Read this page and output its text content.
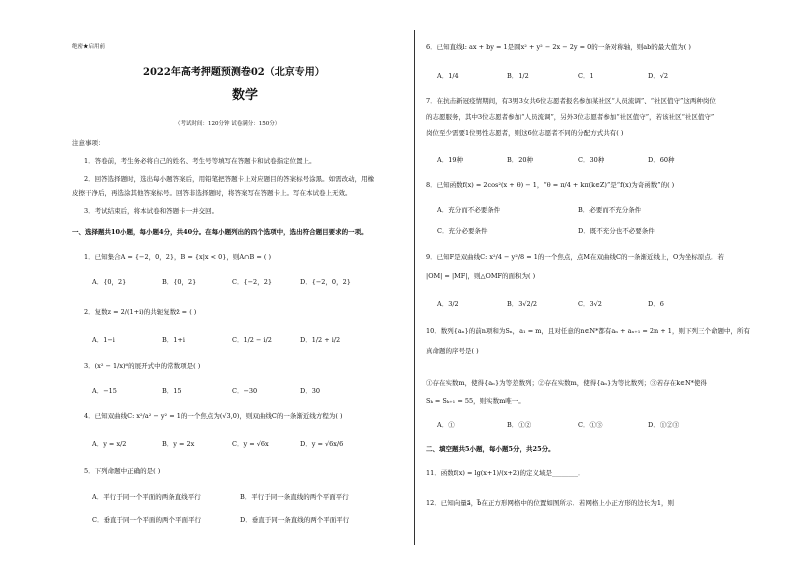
绝密★启用前
2022年高考押题预测卷02（北京专用）
数学
（考试时间：120分钟 试卷满分：150分）
注意事项：
1．答卷前，考生务必将自己的姓名、考生号等填写在答题卡和试卷指定位置上。
2．回答选择题时，选出每小题答案后，用铅笔把答题卡上对应题目的答案标号涂黑。如需改动，用橡
皮擦干净后，再选涂其他答案标号。回答非选择题时，将答案写在答题卡上。写在本试卷上无效。
3．考试结束后，将本试卷和答题卡一并交回。
一、选择题共10小题，每小题4分，共40分。在每小题列出的四个选项中，选出符合题目要求的一项。
1．已知集合A = {−2，0，2}，B = {x|x < 0}，则A∩B = ( )
A．{0，2}	B．{0，2}	C．{−2，2}	D．{−2，0，2}
2．复数z = 2/(1+i)的共轭复数z̄ = ( )
A．1−i	B．1+i	C．1/2 − i/2	D．1/2 + i/2
3．(x² − 1/x)⁶的展开式中的常数项是( )
A．−15	B．15	C．−30	D．30
4．已知双曲线C: x²/a² − y² = 1的一个焦点为(√3,0)，则双曲线C的一条渐近线方程为( )
A．y = x/2	B．y = 2x	C．y = √6x	D．y = √6x/6
5．下列命题中正确的是( )
A．平行于同一个平面的两条直线平行	B．平行于同一条直线的两个平面平行
C．垂直于同一个平面的两个平面平行	D．垂直于同一条直线的两个平面平行
6．已知直线l: ax + by = 1是圆x² + y² − 2x − 2y = 0的一条对称轴，则ab的最大值为( )
A．1/4	B．1/2	C．1	D．√2
7．在抗击新冠疫情期间，有3男3女共6位志愿者报名参加某社区“人员流调”、“社区值守”这两种岗位
的志愿服务，其中3位志愿者参加“人员流调”，另外3位志愿者参加“社区值守”，若该社区“社区值守”
岗位至少需要1位男性志愿者，则这6位志愿者不同的分配方式共有( )
A．19种	B．20种	C．30种	D．60种
8．已知函数f(x) = 2cos²(x + θ) − 1，“θ = π/4 + kπ(k∈Z)”是“f(x)为奇函数”的( )
A．充分而不必要条件	B．必要而不充分条件
C．充分必要条件	D．既不充分也不必要条件
9．已知F是双曲线C: x²/4 − y²/8 = 1的一个焦点，点M在双曲线C的一条渐近线上，O为坐标原点．若
|OM| = |MF|，则△OMF的面积为( )
A．3/2	B．3√2/2	C．3√2	D．6
10．数列{aₙ}的前n项和为Sₙ，a₁ = m，且对任意的n∈N*都有aₙ + aₙ₊₁ = 2n + 1，则下列三个命题中，所有
真命题的序号是( )
①存在实数m，使得{aₙ}为等差数列；②存在实数m，使得{aₙ}为等比数列；③若存在k∈N*使得
Sₖ = Sₖ₊₁ = 55，则实数m唯一。
A．①	B．①②	C．①③	D．①②③
二、填空题共5小题，每小题5分，共25分。
11．函数f(x) = lg(x+1)/(x+2)的定义域是________．
12．已知向量a⃗，b⃗在正方形网格中的位置如图所示．若网格上小正方形的边长为1，则
